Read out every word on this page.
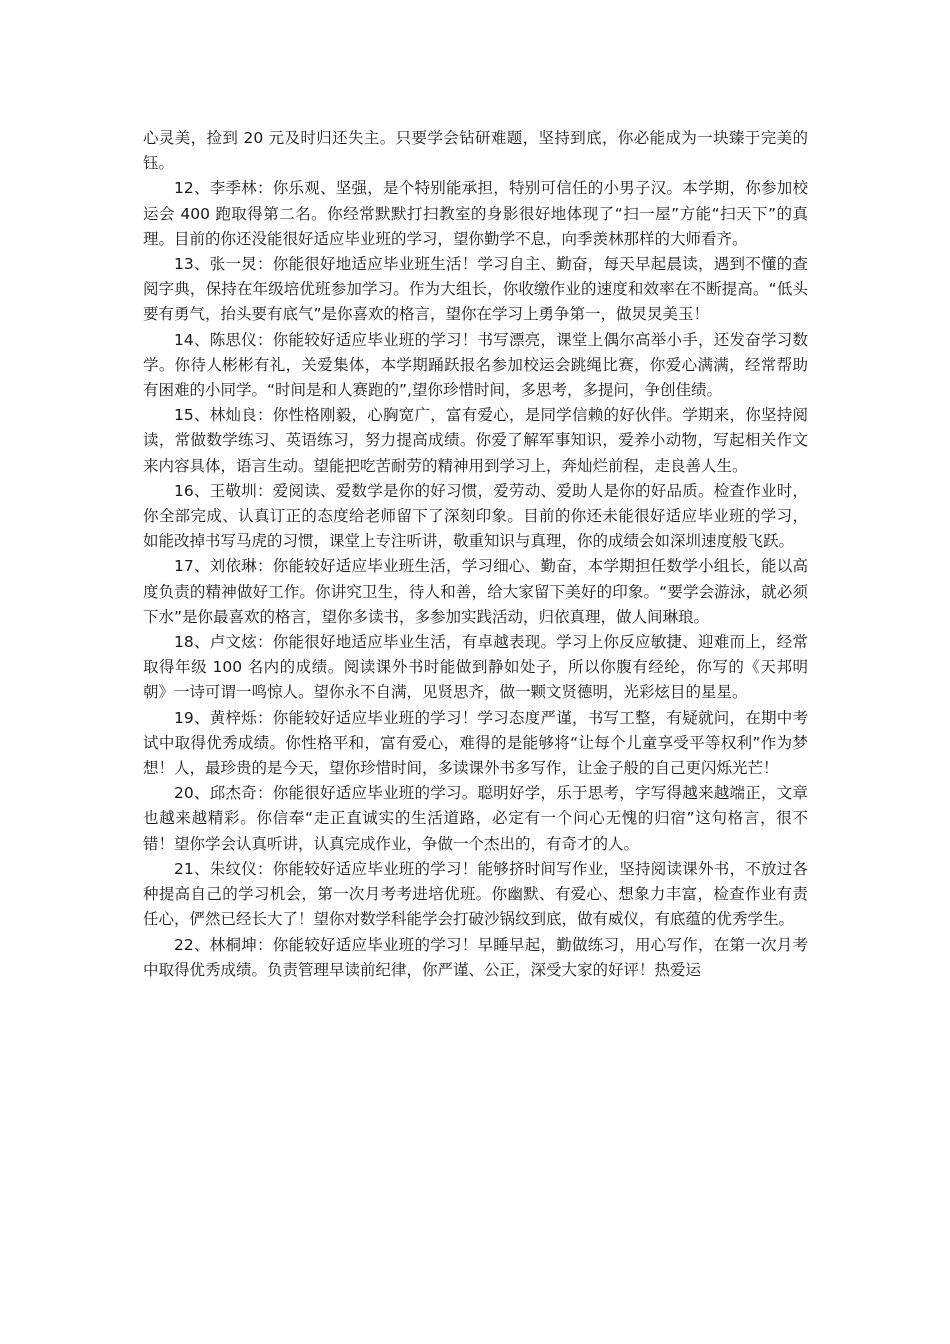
心灵美，捡到 20 元及时归还失主。只要学会钻研难题，坚持到底，你必能成为一块臻于完美的钰。

12、李季林：你乐观、坚强，是个特别能承担，特别可信任的小男子汉。本学期，你参加校运会 400 跑取得第二名。你经常默默打扫教室的身影很好地体现了“扫一屋”方能“扫天下”的真理。目前的你还没能很好适应毕业班的学习，望你勤学不息，向季羡林那样的大师看齐。

13、张一炅：你能很好地适应毕业班生活！学习自主、勤奋，每天早起晨读，遇到不懂的查阅字典，保持在年级培优班参加学习。作为大组长，你收缴作业的速度和效率在不断提高。“低头要有勇气，抬头要有底气”是你喜欢的格言，望你在学习上勇争第一，做炅炅美玉！

14、陈思仪：你能较好适应毕业班的学习！书写漂亮，课堂上偶尔高举小手，还发奋学习数学。你待人彬彬有礼，关爱集体，本学期踊跃报名参加校运会跳绳比赛，你爱心满满，经常帮助有困难的小同学。“时间是和人赛跑的”,望你珍惜时间，多思考，多提问，争创佳绩。

15、林灿良：你性格刚毅，心胸宽广，富有爱心，是同学信赖的好伙伴。学期来，你坚持阅读，常做数学练习、英语练习，努力提高成绩。你爱了解军事知识，爱养小动物，写起相关作文来内容具体，语言生动。望能把吃苦耐劳的精神用到学习上，奔灿烂前程，走良善人生。

16、王敬圳：爱阅读、爱数学是你的好习惯，爱劳动、爱助人是你的好品质。检查作业时，你全部完成、认真订正的态度给老师留下了深刻印象。目前的你还未能很好适应毕业班的学习，如能改掉书写马虎的习惯，课堂上专注听讲，敬重知识与真理，你的成绩会如深圳速度般飞跃。

17、刘依琳：你能较好适应毕业班生活，学习细心、勤奋，本学期担任数学小组长，能以高度负责的精神做好工作。你讲究卫生，待人和善，给大家留下美好的印象。“要学会游泳，就必须下水”是你最喜欢的格言，望你多读书，多参加实践活动，归依真理，做人间琳琅。

18、卢文炫：你能很好地适应毕业生活，有卓越表现。学习上你反应敏捷、迎难而上，经常取得年级 100 名内的成绩。阅读课外书时能做到静如处子，所以你腹有经纶，你写的《天邦明朝》一诗可谓一鸣惊人。望你永不自满，见贤思齐，做一颗文贤德明，光彩炫目的星星。

19、黄梓烁：你能较好适应毕业班的学习！学习态度严谨，书写工整，有疑就问，在期中考试中取得优秀成绩。你性格平和，富有爱心，难得的是能够将“让每个儿童享受平等权利”作为梦想！人，最珍贵的是今天，望你珍惜时间，多读课外书多写作，让金子般的自己更闪烁光芒！

20、邱杰奇：你能很好适应毕业班的学习。聪明好学，乐于思考，字写得越来越端正，文章也越来越精彩。你信奉“走正直诚实的生活道路，必定有一个问心无愧的归宿”这句格言，很不错！望你学会认真听讲，认真完成作业，争做一个杰出的，有奇才的人。

21、朱纹仪：你能较好适应毕业班的学习！能够挤时间写作业，坚持阅读课外书，不放过各种提高自己的学习机会，第一次月考考进培优班。你幽默、有爱心、想象力丰富，检查作业有责任心，俨然已经长大了！望你对数学科能学会打破沙锅纹到底，做有威仪，有底蕴的优秀学生。

22、林桐坤：你能较好适应毕业班的学习！早睡早起，勤做练习，用心写作，在第一次月考中取得优秀成绩。负责管理早读前纪律，你严谨、公正，深受大家的好评！热爱运
